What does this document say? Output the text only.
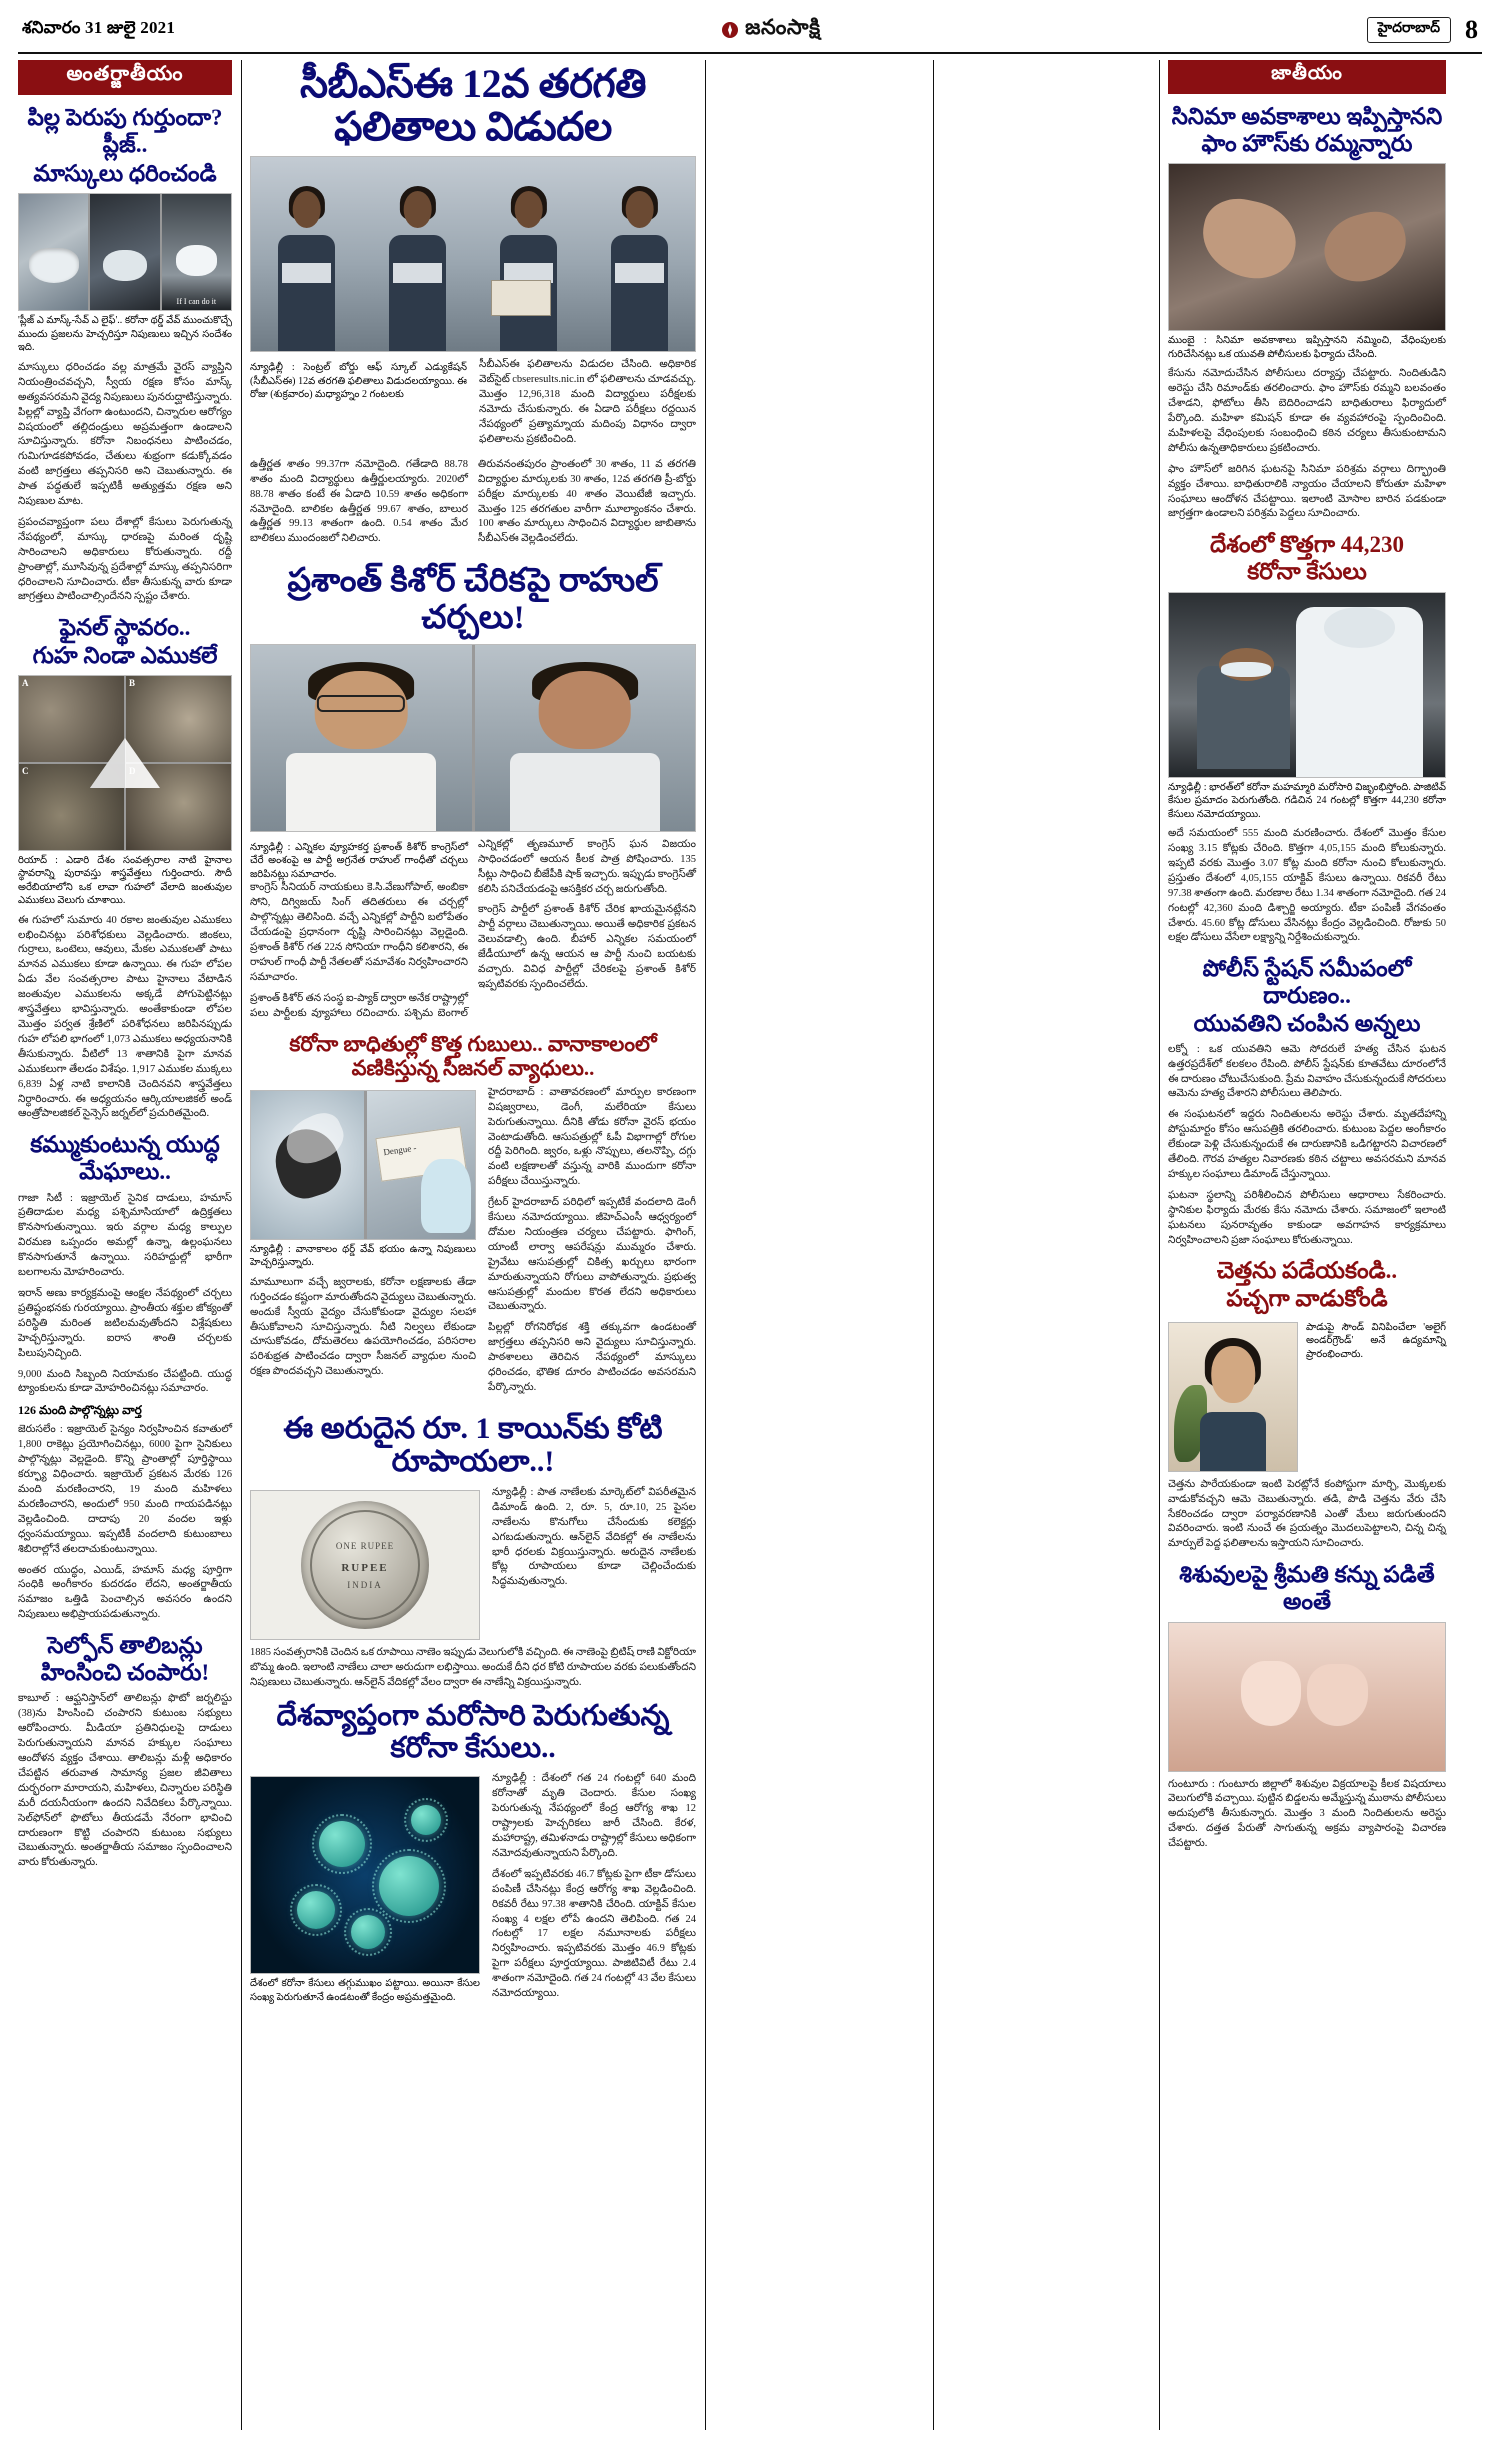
శనివారం 31 జులై 2021	జనంసాక్షి	హైదరాబాద్ 8
అంతర్జాతీయం
పిల్ల పెరుపు గుర్తుందా? ప్లీజ్..
మాస్కులు ధరించండి
If I can do it
'ప్లీజ్ ఎ మాస్క్-సేవ్ ఎ లైఫ్'.. కరోనా థర్డ్ వేవ్ ముంచుకొచ్చే ముందు ప్రజలను హెచ్చరిస్తూ నిపుణులు ఇచ్చిన సందేశం ఇది.

మాస్కులు ధరించడం వల్ల మాత్రమే వైరస్ వ్యాప్తిని నియంత్రించవచ్చని, స్వీయ రక్షణ కోసం మాస్క్ అత్యవసరమని వైద్య నిపుణులు పునరుద్ఘాటిస్తున్నారు. పిల్లల్లో వ్యాప్తి వేగంగా ఉంటుందని, చిన్నారుల ఆరోగ్యం విషయంలో తల్లిదండ్రులు అప్రమత్తంగా ఉండాలని సూచిస్తున్నారు. కరోనా నిబంధనలు పాటించడం, గుమిగూడకపోవడం, చేతులు శుభ్రంగా కడుక్కోవడం వంటి జాగ్రత్తలు తప్పనిసరి అని చెబుతున్నారు. ఈ పాత పద్ధతులే ఇప్పటికీ అత్యుత్తమ రక్షణ అని నిపుణుల మాట.

ప్రపంచవ్యాప్తంగా పలు దేశాల్లో కేసులు పెరుగుతున్న నేపథ్యంలో, మాస్కు ధారణపై మరింత దృష్టి సారించాలని అధికారులు కోరుతున్నారు. రద్దీ ప్రాంతాల్లో, మూసివున్న ప్రదేశాల్లో మాస్కు తప్పనిసరిగా ధరించాలని సూచించారు. టీకా తీసుకున్న వారు కూడా జాగ్రత్తలు పాటించాల్సిందేనని స్పష్టం చేశారు.

ఫైనల్ స్థావరం..
గుహ నిండా ఎముకలే
A	B
C
రియాద్ : ఎడారి దేశం సంవత్సరాల నాటి హైనాల స్థావరాన్ని పురావస్తు శాస్త్రవేత్తలు గుర్తించారు. సౌదీ అరేబియాలోని ఒక లావా గుహలో వేలాది జంతువుల ఎముకలు వెలుగు చూశాయి.

ఈ గుహలో సుమారు 40 రకాల జంతువుల ఎముకలు లభించినట్లు పరిశోధకులు వెల్లడించారు. జింకలు, గుర్రాలు, ఒంటెలు, ఆవులు, మేకల ఎముకలతో పాటు మానవ ఎముకలు కూడా ఉన్నాయి. ఈ గుహ లోపల ఏడు వేల సంవత్సరాల పాటు హైనాలు వేటాడిన జంతువుల ఎముకలను అక్కడే పోగుపెట్టినట్లు శాస్త్రవేత్తలు భావిస్తున్నారు. అంతేకాకుండా లోపల మొత్తం పర్వత శ్రేణిలో పరిశోధనలు జరిపినప్పుడు గుహ లోపలి భాగంలో 1,073 ఎముకలు అధ్యయనానికి తీసుకున్నారు. వీటిలో 13 శాతానికి పైగా మానవ ఎముకలుగా తేలడం విశేషం. 1,917 ఎముకల ముక్కలు 6,839 ఏళ్ల నాటి కాలానికి చెందినవని శాస్త్రవేత్తలు నిర్ధారించారు. ఈ అధ్యయనం ఆర్కియాలజికల్ అండ్ ఆంత్రోపాలజికల్ సైన్సెస్ జర్నల్‌లో ప్రచురితమైంది.

కమ్ముకుంటున్న యుద్ధ మేఘాలు..

గాజా సిటీ : ఇజ్రాయెల్ సైనిక దాడులు, హమాస్ ప్రతిదాడుల మధ్య పశ్చిమాసియాలో ఉద్రిక్తతలు కొనసాగుతున్నాయి. ఇరు వర్గాల మధ్య కాల్పుల విరమణ ఒప్పందం అమల్లో ఉన్నా, ఉల్లంఘనలు కొనసాగుతూనే ఉన్నాయి. సరిహద్దుల్లో భారీగా బలగాలను మోహరించారు.

ఇరాన్ అణు కార్యక్రమంపై ఆంక్షల నేపథ్యంలో చర్చలు ప్రతిష్టంభనకు గురయ్యాయి. ప్రాంతీయ శక్తుల జోక్యంతో పరిస్థితి మరింత జటిలమవుతోందని విశ్లేషకులు హెచ్చరిస్తున్నారు. ఐరాస శాంతి చర్చలకు పిలుపునిచ్చింది.

9,000 మంది సిబ్బంది నియామకం చేపట్టింది. యుద్ధ ట్యాంకులను కూడా మోహరించినట్లు సమాచారం.

126 మంది పాల్గొన్నట్లు వార్త

జెరుసలేం : ఇజ్రాయెల్ సైన్యం నిర్వహించిన కవాతులో 1,800 రాకెట్లు ప్రయోగించినట్లు, 6000 పైగా సైనికులు పాల్గొన్నట్లు వెల్లడైంది. కొన్ని ప్రాంతాల్లో పూర్తిస్థాయి కర్ఫ్యూ విధించారు. ఇజ్రాయెల్ ప్రకటన మేరకు 126 మంది మరణించారని, 19 మంది మహిళలు మరణించారని, అందులో 950 మంది గాయపడినట్లు వెల్లడించింది. దాదాపు 20 వందల ఇళ్లు ధ్వంసమయ్యాయి. ఇప్పటికీ వందలాది కుటుంబాలు శిబిరాల్లోనే తలదాచుకుంటున్నాయి.

అంతర యుద్ధం, ఎయిడ్, హమాస్ మధ్య పూర్తిగా సంధికి అంగీకారం కుదరడం లేదని, అంతర్జాతీయ సమాజం ఒత్తిడి పెంచాల్సిన అవసరం ఉందని నిపుణులు అభిప్రాయపడుతున్నారు.

సెల్ఫోన్ తాలిబన్లు హింసించి చంపారు!

కాబూల్ : ఆఫ్ఘనిస్తాన్‌లో తాలిబన్లు ఫొటో జర్నలిస్టు (38)ను హింసించి చంపారని కుటుంబ సభ్యులు ఆరోపించారు. మీడియా ప్రతినిధులపై దాడులు పెరుగుతున్నాయని మానవ హక్కుల సంఘాలు ఆందోళన వ్యక్తం చేశాయి. తాలిబన్లు మళ్లీ అధికారం చేపట్టిన తరువాత సామాన్య ప్రజల జీవితాలు దుర్భరంగా మారాయని, మహిళలు, చిన్నారుల పరిస్థితి మరీ దయనీయంగా ఉందని నివేదికలు పేర్కొన్నాయి. సెల్‌ఫోన్‌లో ఫొటోలు తీయడమే నేరంగా భావించి దారుణంగా కొట్టి చంపారని కుటుంబ సభ్యులు చెబుతున్నారు. అంతర్జాతీయ సమాజం స్పందించాలని వారు కోరుతున్నారు.

సీబీఎస్‌ఈ 12వ తరగతి ఫలితాలు విడుదల
న్యూఢిల్లీ : సెంట్రల్ బోర్డు ఆఫ్ స్కూల్ ఎడ్యుకేషన్ (సీబీఎస్‌ఈ) 12వ తరగతి ఫలితాలు విడుదలయ్యాయి. ఈ రోజు (శుక్రవారం) మధ్యాహ్నం 2 గంటలకు

సీబీఎస్‌ఈ ఫలితాలను విడుదల చేసింది. అధికారిక వెబ్‌సైట్ cbseresults.nic.in లో ఫలితాలను చూడవచ్చు. మొత్తం 12,96,318 మంది విద్యార్థులు పరీక్షలకు నమోదు చేసుకున్నారు. ఈ ఏడాది పరీక్షలు రద్దయిన నేపథ్యంలో ప్రత్యామ్నాయ మదింపు విధానం ద్వారా ఫలితాలను ప్రకటించింది.

ఉత్తీర్ణత శాతం 99.37గా నమోదైంది. గతేడాది 88.78 శాతం మంది విద్యార్థులు ఉత్తీర్ణులయ్యారు. 2020లో 88.78 శాతం కంటే ఈ ఏడాది 10.59 శాతం అధికంగా నమోదైంది. బాలికల ఉత్తీర్ణత 99.67 శాతం, బాలుర ఉత్తీర్ణత 99.13 శాతంగా ఉంది. 0.54 శాతం మేర బాలికలు ముందంజలో నిలిచారు.

తిరువనంతపురం ప్రాంతంలో 30 శాతం, 11 వ తరగతి విద్యార్థుల మార్కులకు 30 శాతం, 12వ తరగతి ప్రీ-బోర్డు పరీక్షల మార్కులకు 40 శాతం వెయిటేజీ ఇచ్చారు. మొత్తం 125 తరగతుల వారీగా మూల్యాంకనం చేశారు. 100 శాతం మార్కులు సాధించిన విద్యార్థుల జాబితాను సీబీఎస్‌ఈ వెల్లడించలేదు.

ప్రశాంత్ కిశోర్ చేరికపై రాహుల్ చర్చలు!
న్యూఢిల్లీ : ఎన్నికల వ్యూహకర్త ప్రశాంత్ కిశోర్ కాంగ్రెస్‌లో చేరే అంశంపై ఆ పార్టీ అగ్రనేత రాహుల్ గాంధీతో చర్చలు జరిపినట్లు సమాచారం.

కాంగ్రెస్ సీనియర్ నాయకులు కె.సి.వేణుగోపాల్, అంబికా సోని, దిగ్విజయ్ సింగ్ తదితరులు ఈ చర్చల్లో పాల్గొన్నట్లు తెలిసింది. వచ్చే ఎన్నికల్లో పార్టీని బలోపేతం చేయడంపై ప్రధానంగా దృష్టి సారించినట్లు వెల్లడైంది. ప్రశాంత్ కిశోర్ గత 22న సోనియా గాంధీని కలిశారని, ఈ రాహుల్ గాంధీ పార్టీ నేతలతో సమావేశం నిర్వహించారని సమాచారం.

ప్రశాంత్ కిశోర్ తన సంస్థ ఐ-ప్యాక్ ద్వారా అనేక రాష్ట్రాల్లో పలు పార్టీలకు వ్యూహాలు రచించారు. పశ్చిమ బెంగాల్ ఎన్నికల్లో తృణమూల్ కాంగ్రెస్ ఘన విజయం సాధించడంలో ఆయన కీలక పాత్ర పోషించారు. 135 సీట్లు సాధించి బీజేపీకి షాక్ ఇచ్చారు. ఇప్పుడు కాంగ్రెస్‌తో కలిసి పనిచేయడంపై ఆసక్తికర చర్చ జరుగుతోంది.

కాంగ్రెస్ పార్టీలో ప్రశాంత్ కిశోర్ చేరిక ఖాయమైనట్లేనని పార్టీ వర్గాలు చెబుతున్నాయి. అయితే అధికారిక ప్రకటన వెలువడాల్సి ఉంది. బీహార్ ఎన్నికల సమయంలో జేడీయూలో ఉన్న ఆయన ఆ పార్టీ నుంచి బయటకు వచ్చారు. వివిధ పార్టీల్లో చేరికలపై ప్రశాంత్ కిశోర్ ఇప్పటివరకు స్పందించలేదు.

కరోనా బాధితుల్లో కొత్త గుబులు.. వానాకాలంలో వణికిస్తున్న సీజనల్ వ్యాధులు..
Dengue -
న్యూఢిల్లీ : వానాకాలం థర్డ్ వేవ్ భయం ఉన్నా నిపుణులు హెచ్చరిస్తున్నారు.

మామూలుగా వచ్చే జ్వరాలకు, కరోనా లక్షణాలకు తేడా గుర్తించడం కష్టంగా మారుతోందని వైద్యులు చెబుతున్నారు. అందుకే స్వీయ వైద్యం చేసుకోకుండా వైద్యుల సలహా తీసుకోవాలని సూచిస్తున్నారు. నీటి నిల్వలు లేకుండా చూసుకోవడం, దోమతెరలు ఉపయోగించడం, పరిసరాల పరిశుభ్రత పాటించడం ద్వారా సీజనల్ వ్యాధుల నుంచి రక్షణ పొందవచ్చని చెబుతున్నారు.

హైదరాబాద్ : వాతావరణంలో మార్పుల కారణంగా విషజ్వరాలు, డెంగీ, మలేరియా కేసులు పెరుగుతున్నాయి. దీనికి తోడు కరోనా వైరస్ భయం వెంటాడుతోంది. ఆసుపత్రుల్లో ఓపీ విభాగాల్లో రోగుల రద్దీ పెరిగింది. జ్వరం, ఒళ్లు నొప్పులు, తలనొప్పి, దగ్గు వంటి లక్షణాలతో వస్తున్న వారికి ముందుగా కరోనా పరీక్షలు చేయిస్తున్నారు.

గ్రేటర్ హైదరాబాద్ పరిధిలో ఇప్పటికే వందలాది డెంగీ కేసులు నమోదయ్యాయి. జీహెచ్ఎంసీ ఆధ్వర్యంలో దోమల నియంత్రణ చర్యలు చేపట్టారు. ఫాగింగ్, యాంటీ లార్వా ఆపరేషన్లు ముమ్మరం చేశారు. ప్రైవేటు ఆసుపత్రుల్లో చికిత్స ఖర్చులు భారంగా మారుతున్నాయని రోగులు వాపోతున్నారు. ప్రభుత్వ ఆసుపత్రుల్లో మందుల కొరత లేదని అధికారులు చెబుతున్నారు.

పిల్లల్లో రోగనిరోధక శక్తి తక్కువగా ఉండటంతో జాగ్రత్తలు తప్పనిసరి అని వైద్యులు సూచిస్తున్నారు. పాఠశాలలు తెరిచిన నేపథ్యంలో మాస్కులు ధరించడం, భౌతిక దూరం పాటించడం అవసరమని పేర్కొన్నారు.

ఈ అరుదైన రూ. 1 కాయిన్‌కు కోటి రూపాయలా..!
ONE RUPEE
RUPEE
INDIA

న్యూఢిల్లీ : పాత నాణేలకు మార్కెట్‌లో విపరీతమైన డిమాండ్ ఉంది. 2, రూ. 5, రూ.10, 25 పైసల నాణేలను కొనుగోలు చేసేందుకు కలెక్టర్లు ఎగబడుతున్నారు. ఆన్‌లైన్ వేదికల్లో ఈ నాణేలను భారీ ధరలకు విక్రయిస్తున్నారు. అరుదైన నాణేలకు కోట్ల రూపాయలు కూడా చెల్లించేందుకు సిద్ధమవుతున్నారు.

1885 సంవత్సరానికి చెందిన ఒక రూపాయి నాణెం ఇప్పుడు వెలుగులోకి వచ్చింది. ఈ నాణెంపై బ్రిటిష్ రాణి విక్టోరియా బొమ్మ ఉంది. ఇలాంటి నాణేలు చాలా అరుదుగా లభిస్తాయి. అందుకే దీని ధర కోటి రూపాయల వరకు పలుకుతోందని నిపుణులు చెబుతున్నారు. ఆన్‌లైన్ వేదికల్లో వేలం ద్వారా ఈ నాణేన్ని విక్రయిస్తున్నారు.

దేశవ్యాప్తంగా మరోసారి పెరుగుతున్న కరోనా కేసులు..
దేశంలో కరోనా కేసులు తగ్గుముఖం పట్టాయి. అయినా కేసుల సంఖ్య పెరుగుతూనే ఉండటంతో కేంద్రం అప్రమత్తమైంది.

న్యూఢిల్లీ : దేశంలో గత 24 గంటల్లో 640 మంది కరోనాతో మృతి చెందారు. కేసుల సంఖ్య పెరుగుతున్న నేపథ్యంలో కేంద్ర ఆరోగ్య శాఖ 12 రాష్ట్రాలకు హెచ్చరికలు జారీ చేసింది. కేరళ, మహారాష్ట్ర, తమిళనాడు రాష్ట్రాల్లో కేసులు అధికంగా నమోదవుతున్నాయని పేర్కొంది.

దేశంలో ఇప్పటివరకు 46.7 కోట్లకు పైగా టీకా డోసులు పంపిణీ చేసినట్లు కేంద్ర ఆరోగ్య శాఖ వెల్లడించింది. రికవరీ రేటు 97.38 శాతానికి చేరింది. యాక్టివ్ కేసుల సంఖ్య 4 లక్షల లోపే ఉందని తెలిపింది. గత 24 గంటల్లో 17 లక్షల నమూనాలకు పరీక్షలు నిర్వహించారు. ఇప్పటివరకు మొత్తం 46.9 కోట్లకు పైగా పరీక్షలు పూర్తయ్యాయి. పాజిటివిటీ రేటు 2.4 శాతంగా నమోదైంది. గత 24 గంటల్లో 43 వేల కేసులు నమోదయ్యాయి.

జాతీయం
సినిమా అవకాశాలు ఇప్పిస్తానని
ఫాం హౌస్‌కు రమ్మన్నారు
ముంబై : సినిమా అవకాశాలు ఇప్పిస్తానని నమ్మించి, వేధింపులకు గురిచేసినట్లు ఒక యువతి పోలీసులకు ఫిర్యాదు చేసింది.

కేసును నమోదుచేసిన పోలీసులు దర్యాప్తు చేపట్టారు. నిందితుడిని అరెస్టు చేసి రిమాండ్‌కు తరలించారు. ఫాం హౌస్‌కు రమ్మని బలవంతం చేశాడని, ఫోటోలు తీసి బెదిరించాడని బాధితురాలు ఫిర్యాదులో పేర్కొంది. మహిళా కమిషన్ కూడా ఈ వ్యవహారంపై స్పందించింది. మహిళలపై వేధింపులకు సంబంధించి కఠిన చర్యలు తీసుకుంటామని పోలీసు ఉన్నతాధికారులు ప్రకటించారు.

ఫాం హౌస్‌లో జరిగిన ఘటనపై సినిమా పరిశ్రమ వర్గాలు దిగ్భ్రాంతి వ్యక్తం చేశాయి. బాధితురాలికి న్యాయం చేయాలని కోరుతూ మహిళా సంఘాలు ఆందోళన చేపట్టాయి. ఇలాంటి మోసాల బారిన పడకుండా జాగ్రత్తగా ఉండాలని పరిశ్రమ పెద్దలు సూచించారు.

దేశంలో కొత్తగా 44,230
కరోనా కేసులు
న్యూఢిల్లీ : భారత్‌లో కరోనా మహమ్మారి మరోసారి విజృంభిస్తోంది. పాజిటివ్ కేసుల ప్రమాదం పెరుగుతోంది. గడిచిన 24 గంటల్లో కొత్తగా 44,230 కరోనా కేసులు నమోదయ్యాయి.

అదే సమయంలో 555 మంది మరణించారు. దేశంలో మొత్తం కేసుల సంఖ్య 3.15 కోట్లకు చేరింది. కొత్తగా 4,05,155 మంది కోలుకున్నారు. ఇప్పటి వరకు మొత్తం 3.07 కోట్ల మంది కరోనా నుంచి కోలుకున్నారు. ప్రస్తుతం దేశంలో 4,05,155 యాక్టివ్ కేసులు ఉన్నాయి. రికవరీ రేటు 97.38 శాతంగా ఉంది. మరణాల రేటు 1.34 శాతంగా నమోదైంది. గత 24 గంటల్లో 42,360 మంది డిశ్చార్జి అయ్యారు. టీకా పంపిణీ వేగవంతం చేశారు. 45.60 కోట్ల డోసులు వేసినట్లు కేంద్రం వెల్లడించింది. రోజుకు 50 లక్షల డోసులు వేసేలా లక్ష్యాన్ని నిర్దేశించుకున్నారు.

పోలీస్ స్టేషన్ సమీపంలో దారుణం..
యువతిని చంపిన అన్నలు

లక్నో : ఒక యువతిని ఆమె సోదరులే హత్య చేసిన ఘటన ఉత్తరప్రదేశ్‌లో కలకలం రేపింది. పోలీస్ స్టేషన్‌కు కూతవేటు దూరంలోనే ఈ దారుణం చోటుచేసుకుంది. ప్రేమ వివాహం చేసుకున్నందుకే సోదరులు ఆమెను హత్య చేశారని పోలీసులు తెలిపారు.

ఈ సంఘటనలో ఇద్దరు నిందితులను అరెస్టు చేశారు. మృతదేహాన్ని పోస్టుమార్టం కోసం ఆసుపత్రికి తరలించారు. కుటుంబ పెద్దల అంగీకారం లేకుండా పెళ్లి చేసుకున్నందుకే ఈ దారుణానికి ఒడిగట్టారని విచారణలో తేలింది. గౌరవ హత్యల నివారణకు కఠిన చట్టాలు అవసరమని మానవ హక్కుల సంఘాలు డిమాండ్ చేస్తున్నాయి.

ఘటనా స్థలాన్ని పరిశీలించిన పోలీసులు ఆధారాలు సేకరించారు. స్థానికుల ఫిర్యాదు మేరకు కేసు నమోదు చేశారు. సమాజంలో ఇలాంటి ఘటనలు పునరావృతం కాకుండా అవగాహన కార్యక్రమాలు నిర్వహించాలని ప్రజా సంఘాలు కోరుతున్నాయి.

చెత్తను పడేయకండి..
పచ్చగా వాడుకోండి
పాడుపై సౌండ్ వినిపించేలా 'అలైగ్ అండర్‌గ్రౌండ్' అనే ఉద్యమాన్ని ప్రారంభించారు.

చెత్తను పారేయకుండా ఇంటి పెరట్లోనే కంపోస్టుగా మార్చి, మొక్కలకు వాడుకోవచ్చని ఆమె చెబుతున్నారు. తడి, పొడి చెత్తను వేరు చేసి సేకరించడం ద్వారా పర్యావరణానికి ఎంతో మేలు జరుగుతుందని వివరించారు. ఇంటి నుంచే ఈ ప్రయత్నం మొదలుపెట్టాలని, చిన్న చిన్న మార్పులే పెద్ద ఫలితాలను ఇస్తాయని సూచించారు.

శిశువులపై శ్రీమతి కన్ను పడితే అంతే

గుంటూరు : గుంటూరు జిల్లాలో శిశువుల విక్రయాలపై కీలక విషయాలు వెలుగులోకి వచ్చాయి. పుట్టిన బిడ్డలను అమ్మేస్తున్న ముఠాను పోలీసులు అదుపులోకి తీసుకున్నారు. మొత్తం 3 మంది నిందితులను అరెస్టు చేశారు. దత్తత పేరుతో సాగుతున్న అక్రమ వ్యాపారంపై విచారణ చేపట్టారు.
